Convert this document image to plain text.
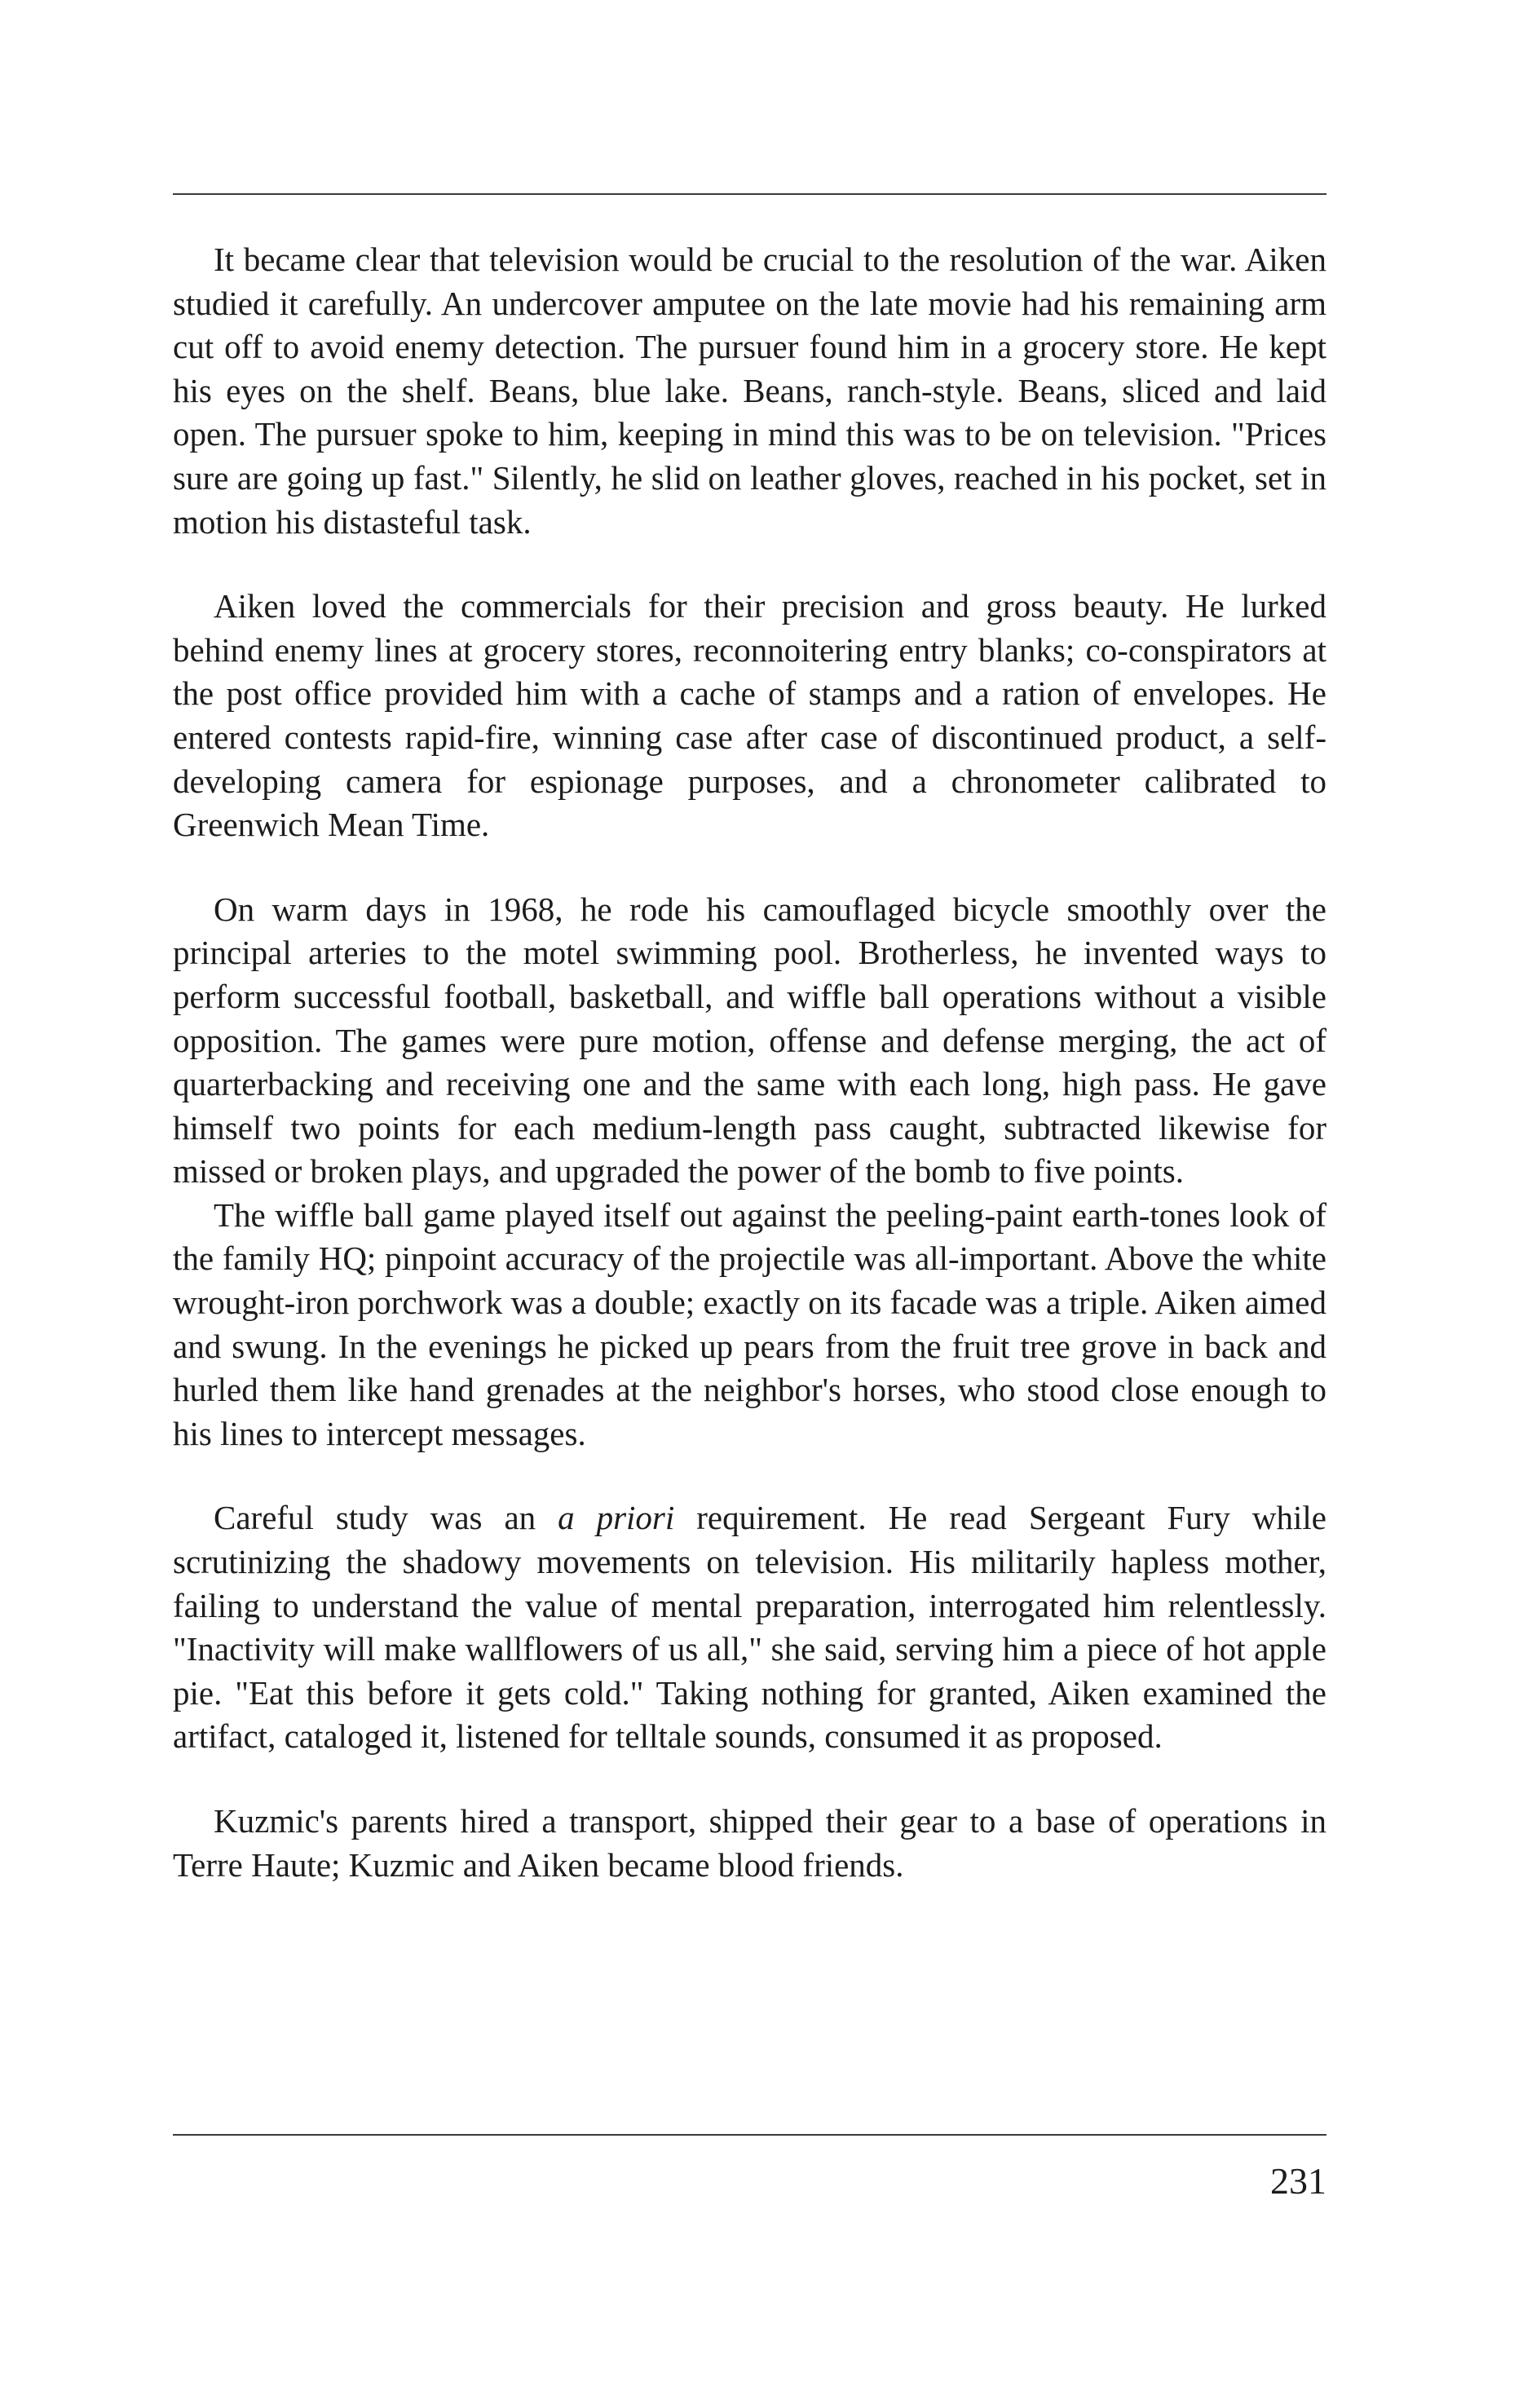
It became clear that television would be crucial to the resolution of the war. Aiken studied it carefully. An undercover amputee on the late movie had his remaining arm cut off to avoid enemy detection. The pursuer found him in a grocery store. He kept his eyes on the shelf. Beans, blue lake. Beans, ranch-style. Beans, sliced and laid open. The pursuer spoke to him, keeping in mind this was to be on television. "Prices sure are going up fast." Silently, he slid on leather gloves, reached in his pocket, set in motion his distasteful task.

Aiken loved the commercials for their precision and gross beauty. He lurked behind enemy lines at grocery stores, reconnoitering entry blanks; co-conspirators at the post office provided him with a cache of stamps and a ration of envelopes. He entered contests rapid-fire, winning case after case of discontinued product, a self-developing camera for espionage purposes, and a chronometer calibrated to Greenwich Mean Time.

On warm days in 1968, he rode his camouflaged bicycle smoothly over the principal arteries to the motel swimming pool. Brotherless, he invented ways to perform successful football, basketball, and wiffle ball operations without a visible opposition. The games were pure motion, offense and defense merging, the act of quarterbacking and receiving one and the same with each long, high pass. He gave himself two points for each medium-length pass caught, subtracted likewise for missed or broken plays, and upgraded the power of the bomb to five points.

The wiffle ball game played itself out against the peeling-paint earth-tones look of the family HQ; pinpoint accuracy of the projectile was all-important. Above the white wrought-iron porchwork was a double; exactly on its facade was a triple. Aiken aimed and swung. In the evenings he picked up pears from the fruit tree grove in back and hurled them like hand grenades at the neighbor's horses, who stood close enough to his lines to intercept messages.

Careful study was an a priori requirement. He read Sergeant Fury while scrutinizing the shadowy movements on television. His militarily hapless mother, failing to understand the value of mental preparation, interrogated him relentlessly. "Inactivity will make wallflowers of us all," she said, serving him a piece of hot apple pie. "Eat this before it gets cold." Taking nothing for granted, Aiken examined the artifact, cataloged it, listened for telltale sounds, consumed it as proposed.

Kuzmic's parents hired a transport, shipped their gear to a base of operations in Terre Haute; Kuzmic and Aiken became blood friends.

231
